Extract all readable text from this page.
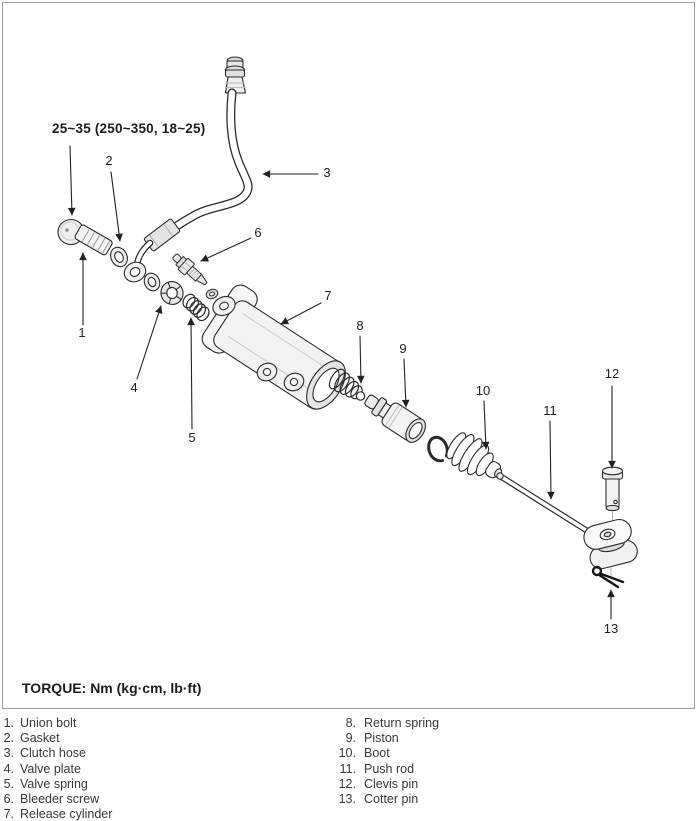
25~35 (250~350, 18~25)
1
2
3
4
5
6
7
8
9
10
11
12
13
TORQUE: Nm (kg·cm, lb·ft)
1. Union bolt
2. Gasket
3. Clutch hose
4. Valve plate
5. Valve spring
6. Bleeder screw
7. Release cylinder
8. Return spring
9. Piston
10. Boot
11. Push rod
12. Clevis pin
13. Cotter pin
